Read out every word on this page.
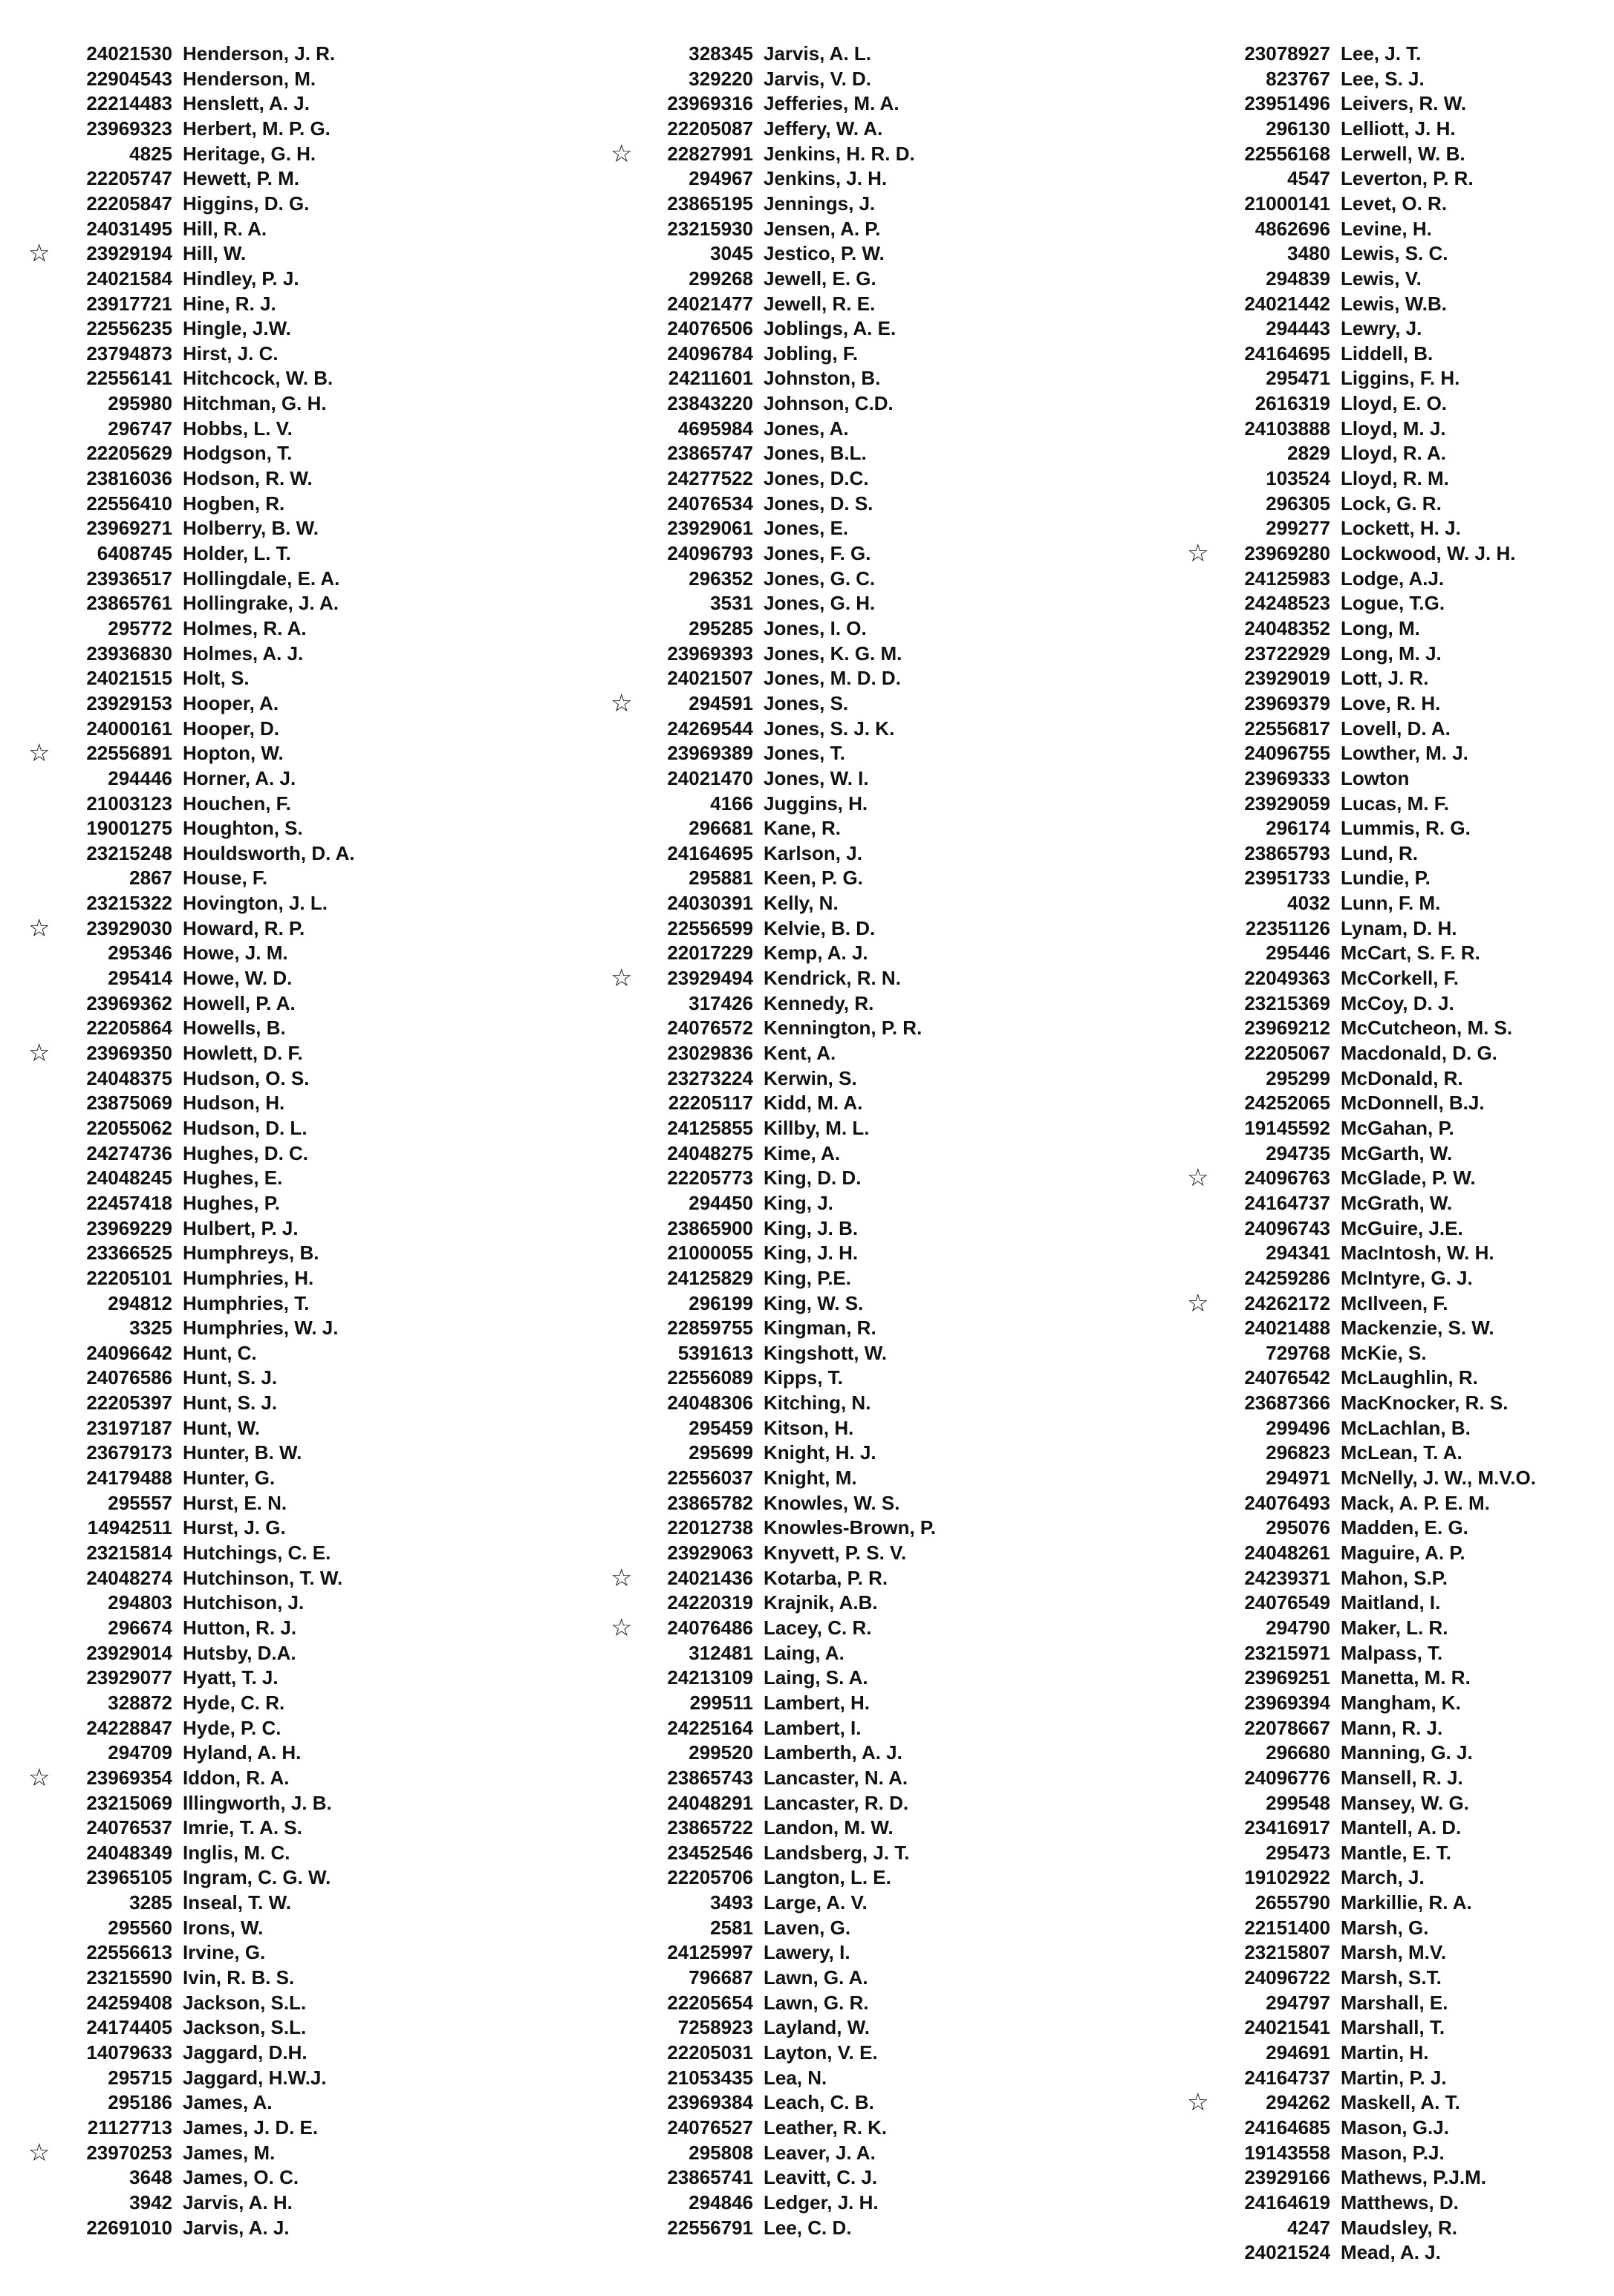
24021530 Henderson, J. R.
22904543 Henderson, M.
22214483 Henslett, A. J.
23969323 Herbert, M. P. G.
4825 Heritage, G. H.
22205747 Hewett, P. M.
22205847 Higgins, D. G.
24031495 Hill, R. A.
☆ 23929194 Hill, W.
24021584 Hindley, P. J.
23917721 Hine, R. J.
22556235 Hingle, J.W.
23794873 Hirst, J. C.
22556141 Hitchcock, W. B.
295980 Hitchman, G. H.
296747 Hobbs, L. V.
22205629 Hodgson, T.
23816036 Hodson, R. W.
22556410 Hogben, R.
23969271 Holberry, B. W.
6408745 Holder, L. T.
23936517 Hollingdale, E. A.
23865761 Hollingrake, J. A.
295772 Holmes, R. A.
23936830 Holmes, A. J.
24021515 Holt, S.
23929153 Hooper, A.
24000161 Hooper, D.
☆ 22556891 Hopton, W.
294446 Horner, A. J.
21003123 Houchen, F.
19001275 Houghton, S.
23215248 Houldsworth, D. A.
2867 House, F.
23215322 Hovington, J. L.
☆ 23929030 Howard, R. P.
295346 Howe, J. M.
295414 Howe, W. D.
23969362 Howell, P. A.
22205864 Howells, B.
☆ 23969350 Howlett, D. F.
24048375 Hudson, O. S.
23875069 Hudson, H.
22055062 Hudson, D. L.
24274736 Hughes, D. C.
24048245 Hughes, E.
22457418 Hughes, P.
23969229 Hulbert, P. J.
23366525 Humphreys, B.
22205101 Humphries, H.
294812 Humphries, T.
3325 Humphries, W. J.
24096642 Hunt, C.
24076586 Hunt, S. J.
22205397 Hunt, S. J.
23197187 Hunt, W.
23679173 Hunter, B. W.
24179488 Hunter, G.
295557 Hurst, E. N.
14942511 Hurst, J. G.
23215814 Hutchings, C. E.
24048274 Hutchinson, T. W.
294803 Hutchison, J.
296674 Hutton, R. J.
23929014 Hutsby, D.A.
23929077 Hyatt, T. J.
328872 Hyde, C. R.
24228847 Hyde, P. C.
294709 Hyland, A. H.
☆ 23969354 Iddon, R. A.
23215069 Illingworth, J. B.
24076537 Imrie, T. A. S.
24048349 Inglis, M. C.
23965105 Ingram, C. G. W.
3285 Inseal, T. W.
295560 Irons, W.
22556613 Irvine, G.
23215590 Ivin, R. B. S.
24259408 Jackson, S.L.
24174405 Jackson, S.L.
14079633 Jaggard, D.H.
295715 Jaggard, H.W.J.
295186 James, A.
21127713 James, J. D. E.
☆ 23970253 James, M.
3648 James, O. C.
3942 Jarvis, A. H.
22691010 Jarvis, A. J.
328345 Jarvis, A. L.
329220 Jarvis, V. D.
23969316 Jefferies, M. A.
22205087 Jeffery, W. A.
☆ 22827991 Jenkins, H. R. D.
294967 Jenkins, J. H.
23865195 Jennings, J.
23215930 Jensen, A. P.
3045 Jestico, P. W.
299268 Jewell, E. G.
24021477 Jewell, R. E.
24076506 Joblings, A. E.
24096784 Jobling, F.
24211601 Johnston, B.
23843220 Johnson, C.D.
4695984 Jones, A.
23865747 Jones, B.L.
24277522 Jones, D.C.
24076534 Jones, D. S.
23929061 Jones, E.
24096793 Jones, F. G.
296352 Jones, G. C.
3531 Jones, G. H.
295285 Jones, I. O.
23969393 Jones, K. G. M.
24021507 Jones, M. D. D.
☆	294591 Jones, S.
24269544 Jones, S. J. K.
23969389 Jones, T.
24021470 Jones, W. I.
4166 Juggins, H.
296681 Kane, R.
24164695 Karlson, J.
295881 Keen, P. G.
24030391 Kelly, N.
22556599 Kelvie, B. D.
22017229 Kemp, A. J.
☆ 23929494 Kendrick, R. N.
317426 Kennedy, R.
24076572 Kennington, P. R.
23029836 Kent, A.
23273224 Kerwin, S.
22205117 Kidd, M. A.
24125855 Killby, M. L.
24048275 Kime, A.
22205773 King, D. D.
294450 King, J.
23865900 King, J. B.
21000055 King, J. H.
24125829 King, P.E.
296199 King, W. S.
22859755 Kingman, R.
5391613 Kingshott, W.
22556089 Kipps, T.
24048306 Kitching, N.
295459 Kitson, H.
295699 Knight, H. J.
22556037 Knight, M.
23865782 Knowles, W. S.
22012738 Knowles-Brown, P.
23929063 Knyvett, P. S. V.
☆ 24021436 Kotarba, P. R.
24220319 Krajnik, A.B.
☆ 24076486 Lacey, C. R.
312481 Laing, A.
24213109 Laing, S. A.
299511 Lambert, H.
24225164 Lambert, I.
299520 Lamberth, A. J.
23865743 Lancaster, N. A.
24048291 Lancaster, R. D.
23865722 Landon, M. W.
23452546 Landsberg, J. T.
22205706 Langton, L. E.
3493 Large, A. V.
2581 Laven, G.
24125997 Lawery, I.
796687 Lawn, G. A.
22205654 Lawn, G. R.
7258923 Layland, W.
22205031 Layton, V. E.
21053435 Lea, N.
23969384 Leach, C. B.
24076527 Leather, R. K.
295808 Leaver, J. A.
23865741 Leavitt, C. J.
294846 Ledger, J. H.
22556791 Lee, C. D.
23078927 Lee, J. T.
823767 Lee, S. J.
23951496 Leivers, R. W.
296130 Lelliott, J. H.
22556168 Lerwell, W. B.
4547 Leverton, P. R.
21000141 Levet, O. R.
4862696 Levine, H.
3480 Lewis, S. C.
294839 Lewis, V.
24021442 Lewis, W.B.
294443 Lewry, J.
24164695 Liddell, B.
295471 Liggins, F. H.
2616319 Lloyd, E. O.
24103888 Lloyd, M. J.
2829 Lloyd, R. A.
103524 Lloyd, R. M.
296305 Lock, G. R.
299277 Lockett, H. J.
☆ 23969280 Lockwood, W. J. H.
24125983 Lodge, A.J.
24248523 Logue, T.G.
24048352 Long, M.
23722929 Long, M. J.
23929019 Lott, J. R.
23969379 Love, R. H.
22556817 Lovell, D. A.
24096755 Lowther, M. J.
23969333 Lowton
23929059 Lucas, M. F.
296174 Lummis, R. G.
23865793 Lund, R.
23951733 Lundie, P.
4032 Lunn, F. M.
22351126 Lynam, D. H.
295446 McCart, S. F. R.
22049363 McCorkell, F.
23215369 McCoy, D. J.
23969212 McCutcheon, M. S.
22205067 Macdonald, D. G.
295299 McDonald, R.
24252065 McDonnell, B.J.
19145592 McGahan, P.
294735 McGarth, W.
☆ 24096763 McGlade, P. W.
24164737 McGrath, W.
24096743 McGuire, J.E.
294341 MacIntosh, W. H.
24259286 McIntyre, G. J.
☆ 24262172 McIlveen, F.
24021488 Mackenzie, S. W.
729768 McKie, S.
24076542 McLaughlin, R.
23687366 MacKnocker, R. S.
299496 McLachlan, B.
296823 McLean, T. A.
294971 McNelly, J. W., M.V.O.
24076493 Mack, A. P. E. M.
295076 Madden, E. G.
24048261 Maguire, A. P.
24239371 Mahon, S.P.
24076549 Maitland, I.
294790 Maker, L. R.
23215971 Malpass, T.
23969251 Manetta, M. R.
23969394 Mangham, K.
22078667 Mann, R. J.
296680 Manning, G. J.
24096776 Mansell, R. J.
299548 Mansey, W. G.
23416917 Mantell, A. D.
295473 Mantle, E. T.
19102922 March, J.
2655790 Markillie, R. A.
22151400 Marsh, G.
23215807 Marsh, M.V.
24096722 Marsh, S.T.
294797 Marshall, E.
24021541 Marshall, T.
294691 Martin, H.
24164737 Martin, P. J.
☆	294262 Maskell, A. T.
24164685 Mason, G.J.
19143558 Mason, P.J.
23929166 Mathews, P.J.M.
24164619 Matthews, D.
4247 Maudsley, R.
24021524 Mead, A. J.
